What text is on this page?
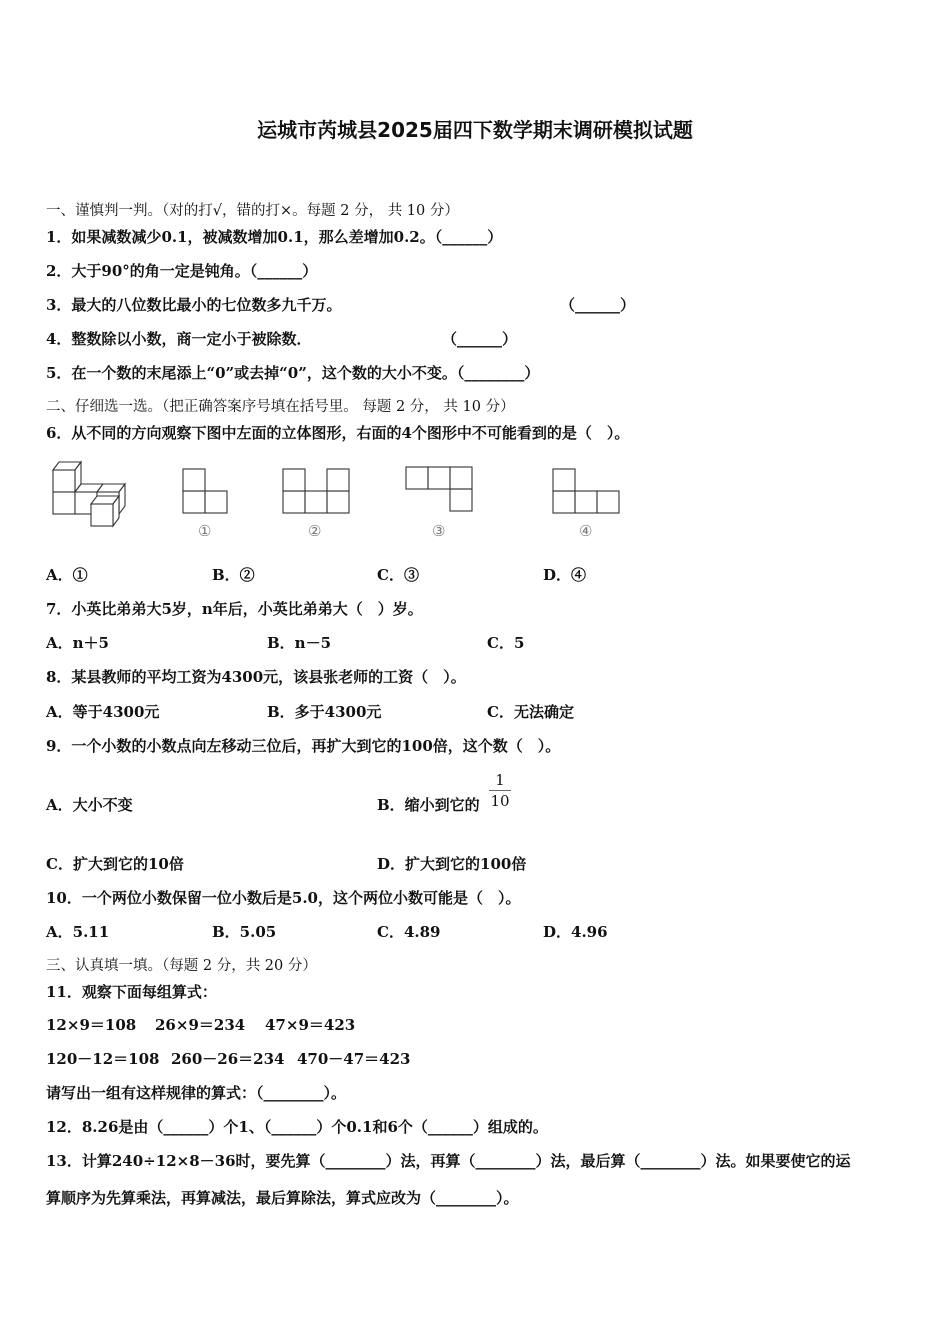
运城市芮城县2025届四下数学期末调研模拟试题
一、谨慎判一判。（对的打√，错的打×。每题 2 分， 共 10 分）
1．如果减数减少0.1，被减数增加0.1，那么差增加0.2。（______）
2．大于90°的角一定是钝角。（______）
3．最大的八位数比最小的七位数多九千万。	（______）
4．整数除以小数，商一定小于被除数．	（______）
5．在一个数的末尾添上“0”或去掉“0”，这个数的大小不变。（________）
二、仔细选一选。（把正确答案序号填在括号里。 每题 2 分， 共 10 分）
6．从不同的方向观察下图中左面的立体图形，右面的4个图形中不可能看到的是（　）。
①	②	③	④
A．①	B．②	C．③	D．④
7．小英比弟弟大5岁，n年后，小英比弟弟大（　）岁。
A．n＋5	B．n－5	C．5
8．某县教师的平均工资为4300元，该县张老师的工资（　）。
A．等于4300元	B．多于4300元	C．无法确定
9．一个小数的小数点向左移动三位后，再扩大到它的100倍，这个数（　）。
A．大小不变	B．缩小到它的 $\frac{1}{10}$
C．扩大到它的10倍	D．扩大到它的100倍
10．一个两位小数保留一位小数后是5.0，这个两位小数可能是（　）。
A．5.11	B．5.05	C．4.89	D．4.96
三、认真填一填。（每题 2 分，共 20 分）
11．观察下面每组算式：
12×9＝108 26×9＝234 47×9＝423
120－12＝108 260－26＝234 470－47＝423
请写出一组有这样规律的算式：（________）。
12．8.26是由（______）个1、（______）个0.1和6个（______）组成的。
13．计算240÷12×8－36时，要先算（________）法，再算（________）法，最后算（________）法。如果要使它的运
算顺序为先算乘法，再算减法，最后算除法，算式应改为（________）。
